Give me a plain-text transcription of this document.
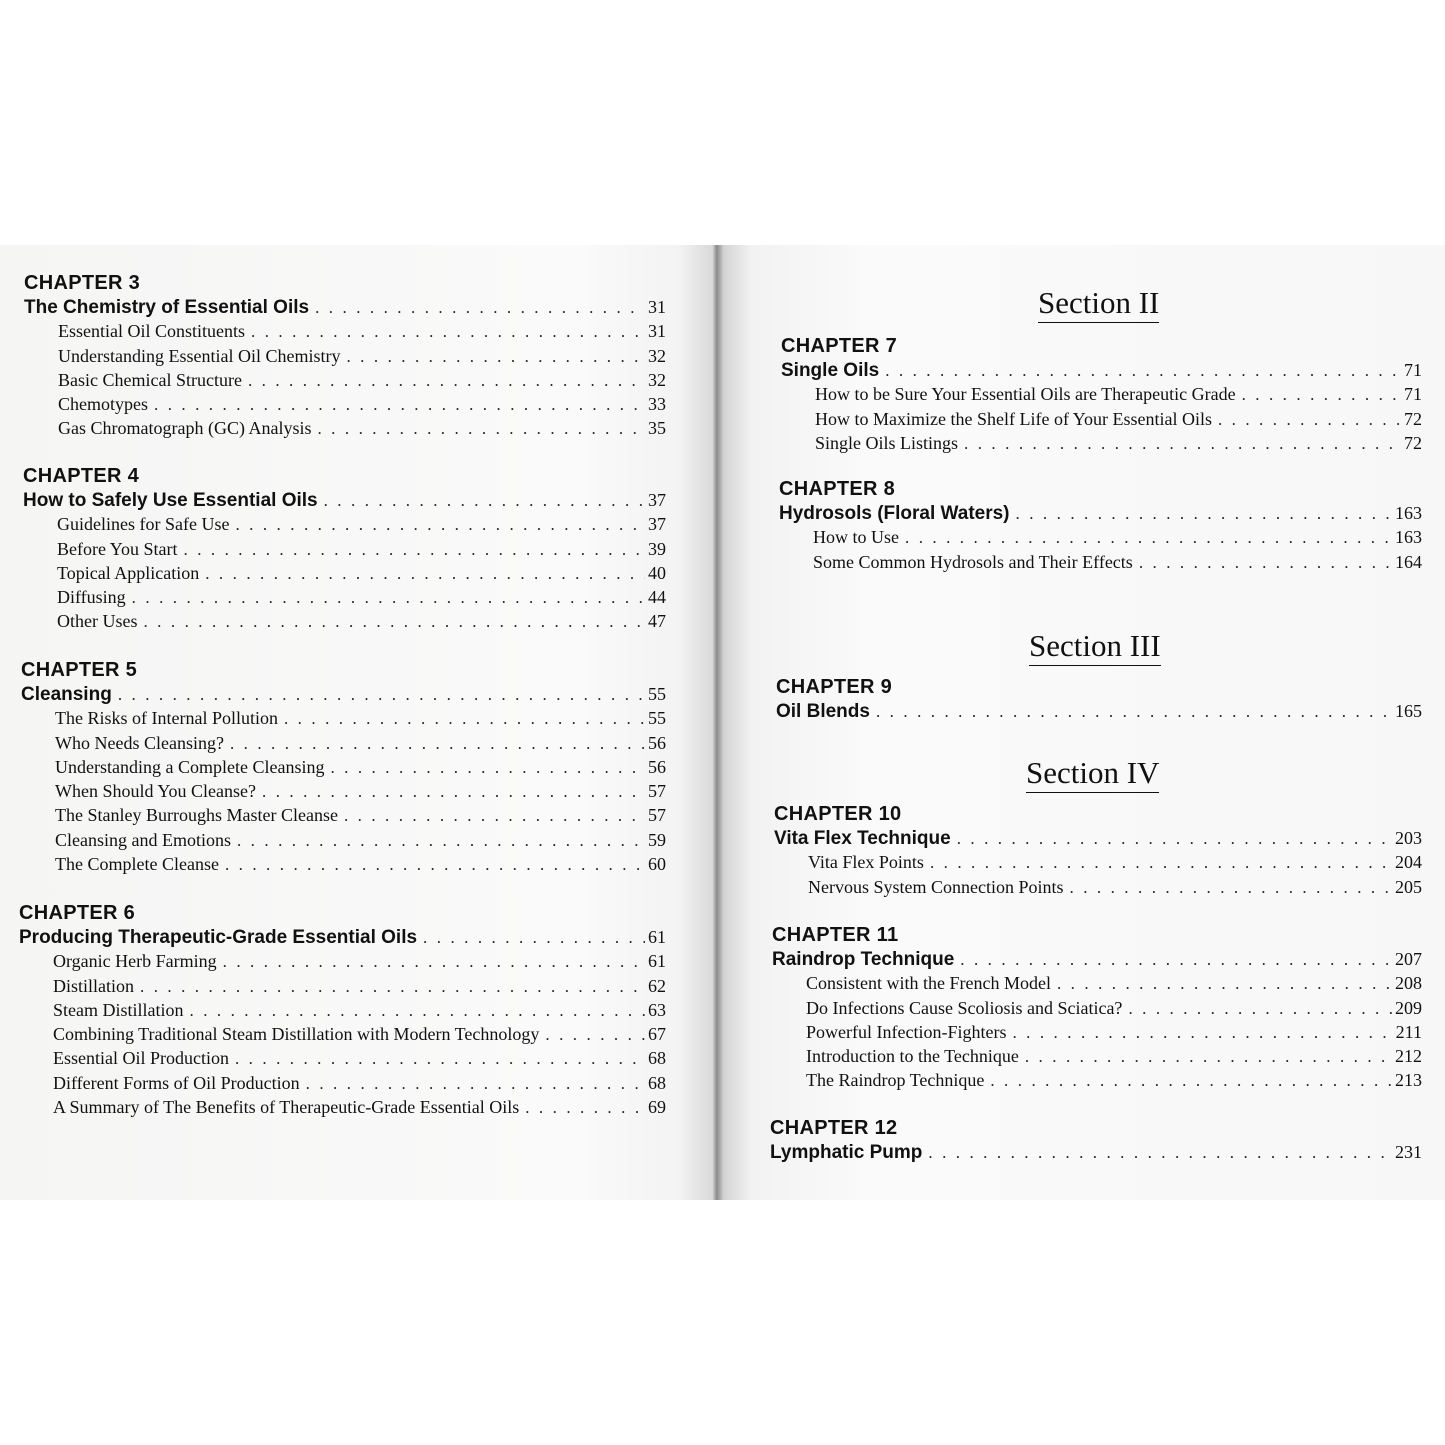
CHAPTER 3
The Chemistry of Essential Oils . . .	31
Essential Oil Constituents . . .	31
Understanding Essential Oil Chemistry . . .	32
Basic Chemical Structure . . .	32
Chemotypes . . .	33
Gas Chromatograph (GC) Analysis . . .	35
CHAPTER 4
How to Safely Use Essential Oils . . .	37
Guidelines for Safe Use . . .	37
Before You Start . . .	39
Topical Application . . .	40
Diffusing . . .	44
Other Uses . . .	47
CHAPTER 5
Cleansing . . .	55
The Risks of Internal Pollution . . .	55
Who Needs Cleansing? . . .	56
Understanding a Complete Cleansing . . .	56
When Should You Cleanse? . . .	57
The Stanley Burroughs Master Cleanse . . .	57
Cleansing and Emotions . . .	59
The Complete Cleanse . . .	60
CHAPTER 6
Producing Therapeutic-Grade Essential Oils . . .	61
Organic Herb Farming . . .	61
Distillation . . .	62
Steam Distillation . . .	63
Combining Traditional Steam Distillation with Modern Technology . . .	67
Essential Oil Production . . .	68
Different Forms of Oil Production . . .	68
A Summary of The Benefits of Therapeutic-Grade Essential Oils . . .	69
Section II
CHAPTER 7
Single Oils . . .	71
How to be Sure Your Essential Oils are Therapeutic Grade . . .	71
How to Maximize the Shelf Life of Your Essential Oils . . .	72
Single Oils Listings . . .	72
CHAPTER 8
Hydrosols (Floral Waters) . . .	163
How to Use . . .	163
Some Common Hydrosols and Their Effects . . .	164
Section III
CHAPTER 9
Oil Blends . . .	165
Section IV
CHAPTER 10
Vita Flex Technique . . .	203
Vita Flex Points . . .	204
Nervous System Connection Points . . .	205
CHAPTER 11
Raindrop Technique . . .	207
Consistent with the French Model . . .	208
Do Infections Cause Scoliosis and Sciatica? . . .	209
Powerful Infection-Fighters . . .	211
Introduction to the Technique . . .	212
The Raindrop Technique . . .	213
CHAPTER 12
Lymphatic Pump . . .	231
